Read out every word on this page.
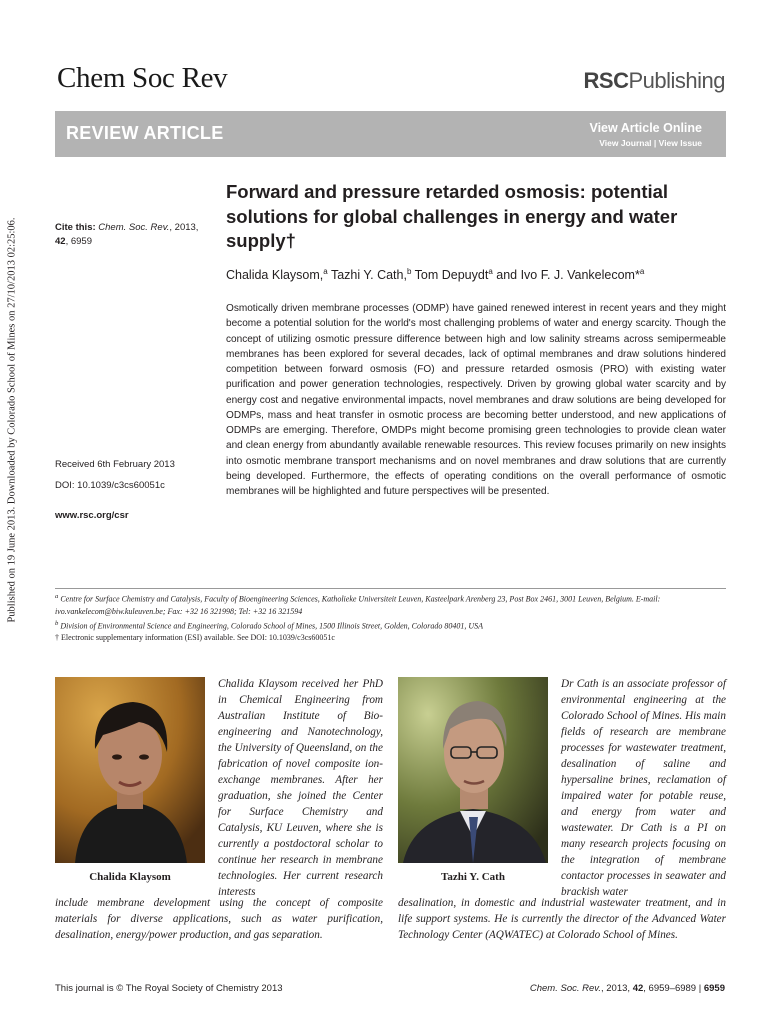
Published on 19 June 2013. Downloaded by Colorado School of Mines on 27/10/2013 02:25:06.
Chem Soc Rev	RSCPublishing
REVIEW ARTICLE	View Article Online
View Journal | View Issue
Cite this: Chem. Soc. Rev., 2013, 42, 6959
Received 6th February 2013
DOI: 10.1039/c3cs60051c
www.rsc.org/csr
Forward and pressure retarded osmosis: potential solutions for global challenges in energy and water supply†
Chalida Klaysom,$^a$ Tazhi Y. Cath,$^b$ Tom Depuydt$^a$ and Ivo F. J. Vankelecom*$^a$
Osmotically driven membrane processes (ODMP) have gained renewed interest in recent years and they might become a potential solution for the world's most challenging problems of water and energy scarcity. Though the concept of utilizing osmotic pressure difference between high and low salinity streams across semipermeable membranes has been explored for several decades, lack of optimal membranes and draw solutions hindered competition between forward osmosis (FO) and pressure retarded osmosis (PRO) with existing water purification and power generation technologies, respectively. Driven by growing global water scarcity and by energy cost and negative environmental impacts, novel membranes and draw solutions are being developed for ODMPs, mass and heat transfer in osmotic process are becoming better understood, and new applications of ODMPs are emerging. Therefore, OMDPs might become promising green technologies to provide clean water and clean energy from abundantly available renewable resources. This review focuses primarily on new insights into osmotic membrane transport mechanisms and on novel membranes and draw solutions that are currently being developed. Furthermore, the effects of operating conditions on the overall performance of osmotic membranes will be highlighted and future perspectives will be presented.
$^a$ Centre for Surface Chemistry and Catalysis, Faculty of Bioengineering Sciences, Katholieke Universiteit Leuven, Kasteelpark Arenberg 23, Post Box 2461, 3001 Leuven, Belgium. E-mail: ivo.vankelecom@biw.kuleuven.be; Fax: +32 16 321998; Tel: +32 16 321594
$^b$ Division of Environmental Science and Engineering, Colorado School of Mines, 1500 Illinois Street, Golden, Colorado 80401, USA
† Electronic supplementary information (ESI) available. See DOI: 10.1039/c3cs60051c
Chalida Klaysom
Chalida Klaysom received her PhD in Chemical Engineering from Australian Institute of Bio-engineering and Nanotechnology, the University of Queensland, on the fabrication of novel composite ion-exchange membranes. After her graduation, she joined the Center for Surface Chemistry and Catalysis, KU Leuven, where she is currently a postdoctoral scholar to continue her research in membrane technologies. Her current research interests
include membrane development using the concept of composite materials for diverse applications, such as water purification, desalination, energy/power production, and gas separation.
Tazhi Y. Cath
Dr Cath is an associate professor of environmental engineering at the Colorado School of Mines. His main fields of research are membrane processes for wastewater treatment, desalination of saline and hypersaline brines, reclamation of impaired water for potable reuse, and energy from water and wastewater. Dr Cath is a PI on many research projects focusing on the integration of membrane contactor processes in seawater and brackish water
desalination, in domestic and industrial wastewater treatment, and in life support systems. He is currently the director of the Advanced Water Technology Center (AQWATEC) at Colorado School of Mines.
This journal is © The Royal Society of Chemistry 2013	Chem. Soc. Rev., 2013, 42, 6959–6989 | 6959
